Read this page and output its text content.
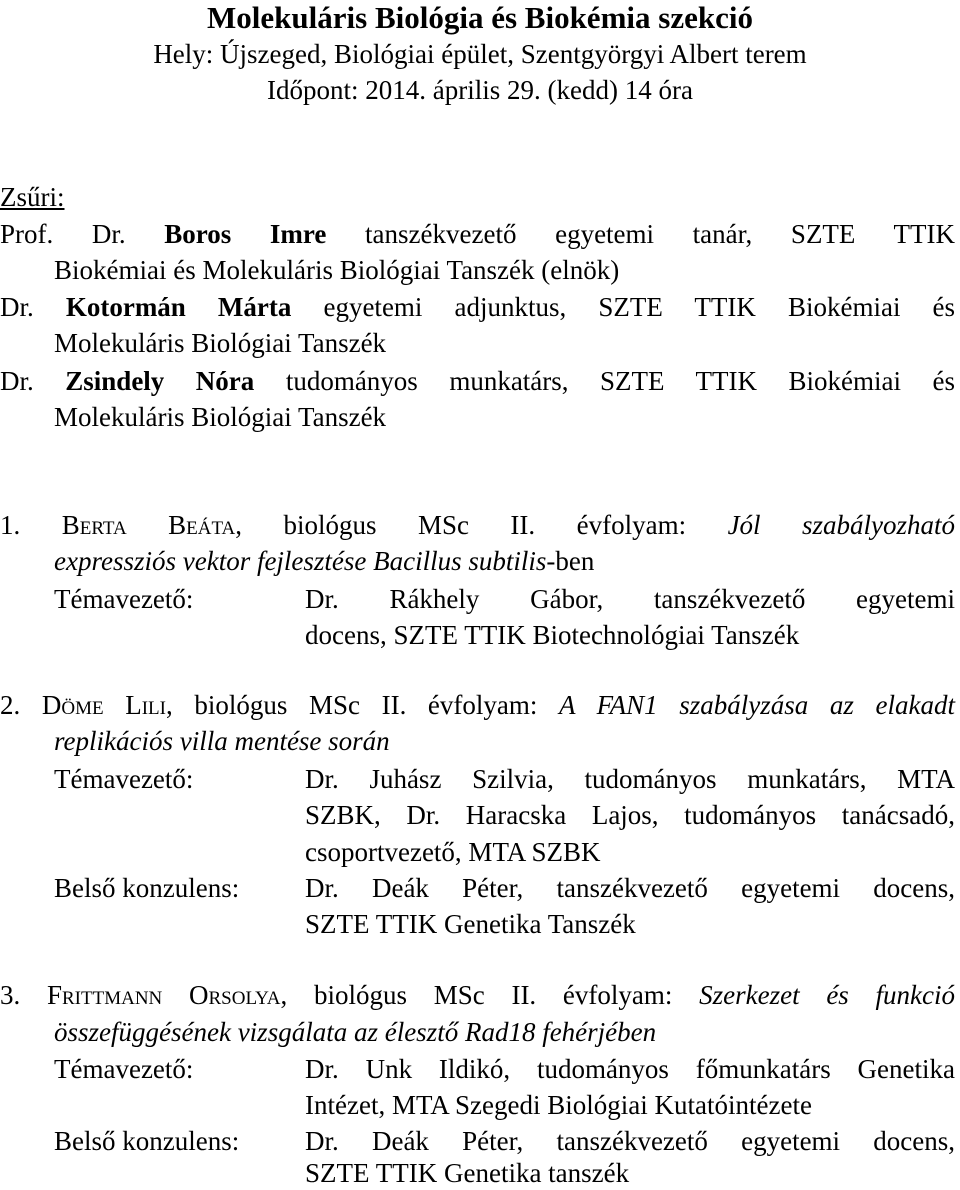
Molekuláris Biológia és Biokémia szekció
Hely: Újszeged, Biológiai épület, Szentgyörgyi Albert terem
Időpont: 2014. április 29. (kedd) 14 óra
Zsűri:
Prof. Dr. Boros Imre tanszékvezető egyetemi tanár, SZTE TTIK
Biokémiai és Molekuláris Biológiai Tanszék (elnök)
Dr. Kotormán Márta egyetemi adjunktus, SZTE TTIK Biokémiai és
Molekuláris Biológiai Tanszék
Dr. Zsindely Nóra tudományos munkatárs, SZTE TTIK Biokémiai és
Molekuláris Biológiai Tanszék
1. Berta Beáta, biológus MSc II. évfolyam: Jól szabályozható
expressziós vektor fejlesztése Bacillus subtilis-ben
Témavezető:	Dr. Rákhely Gábor, tanszékvezető egyetemi
docens, SZTE TTIK Biotechnológiai Tanszék
2. Döme Lili, biológus MSc II. évfolyam: A FAN1 szabályzása az elakadt
replikációs villa mentése során
Témavezető:	Dr. Juhász Szilvia, tudományos munkatárs, MTA
SZBK, Dr. Haracska Lajos, tudományos tanácsadó,
csoportvezető, MTA SZBK
Belső konzulens: Dr. Deák Péter, tanszékvezető egyetemi docens,
SZTE TTIK Genetika Tanszék
3. Frittmann Orsolya, biológus MSc II. évfolyam: Szerkezet és funkció
összefüggésének vizsgálata az élesztő Rad18 fehérjében
Témavezető:	Dr. Unk Ildikó, tudományos főmunkatárs Genetika
Intézet, MTA Szegedi Biológiai Kutatóintézete
Belső konzulens: Dr. Deák Péter, tanszékvezető egyetemi docens,
SZTE TTIK Genetika tanszék
